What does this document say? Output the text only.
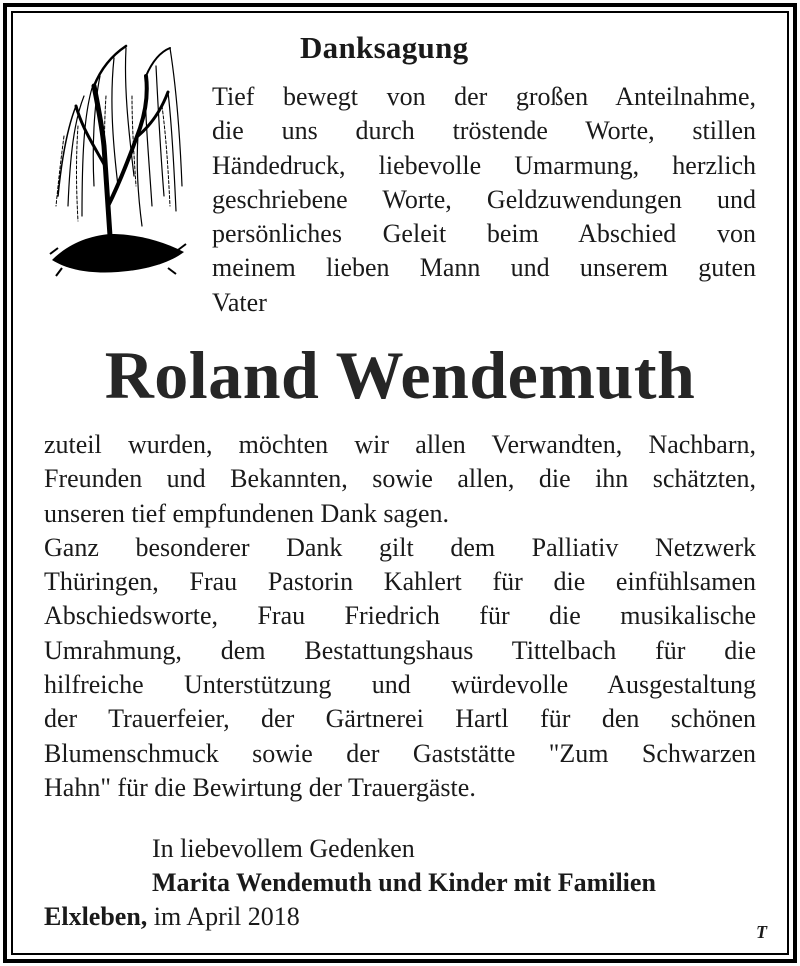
Danksagung
Tief bewegt von der großen Anteilnahme,
die uns durch tröstende Worte, stillen
Händedruck, liebevolle Umarmung, herzlich
geschriebene Worte, Geldzuwendungen und
persönliches Geleit beim Abschied von
meinem lieben Mann und unserem guten
Vater
Roland Wendemuth
zuteil wurden, möchten wir allen Verwandten, Nachbarn,
Freunden und Bekannten, sowie allen, die ihn schätzten,
unseren tief empfundenen Dank sagen.
Ganz besonderer Dank gilt dem Palliativ Netzwerk
Thüringen, Frau Pastorin Kahlert für die einfühlsamen
Abschiedsworte, Frau Friedrich für die musikalische
Umrahmung, dem Bestattungshaus Tittelbach für die
hilfreiche Unterstützung und würdevolle Ausgestaltung
der Trauerfeier, der Gärtnerei Hartl für den schönen
Blumenschmuck sowie der Gaststätte "Zum Schwarzen
Hahn" für die Bewirtung der Trauergäste.
In liebevollem Gedenken
Marita Wendemuth und Kinder mit Familien
Elxleben, im April 2018
T
